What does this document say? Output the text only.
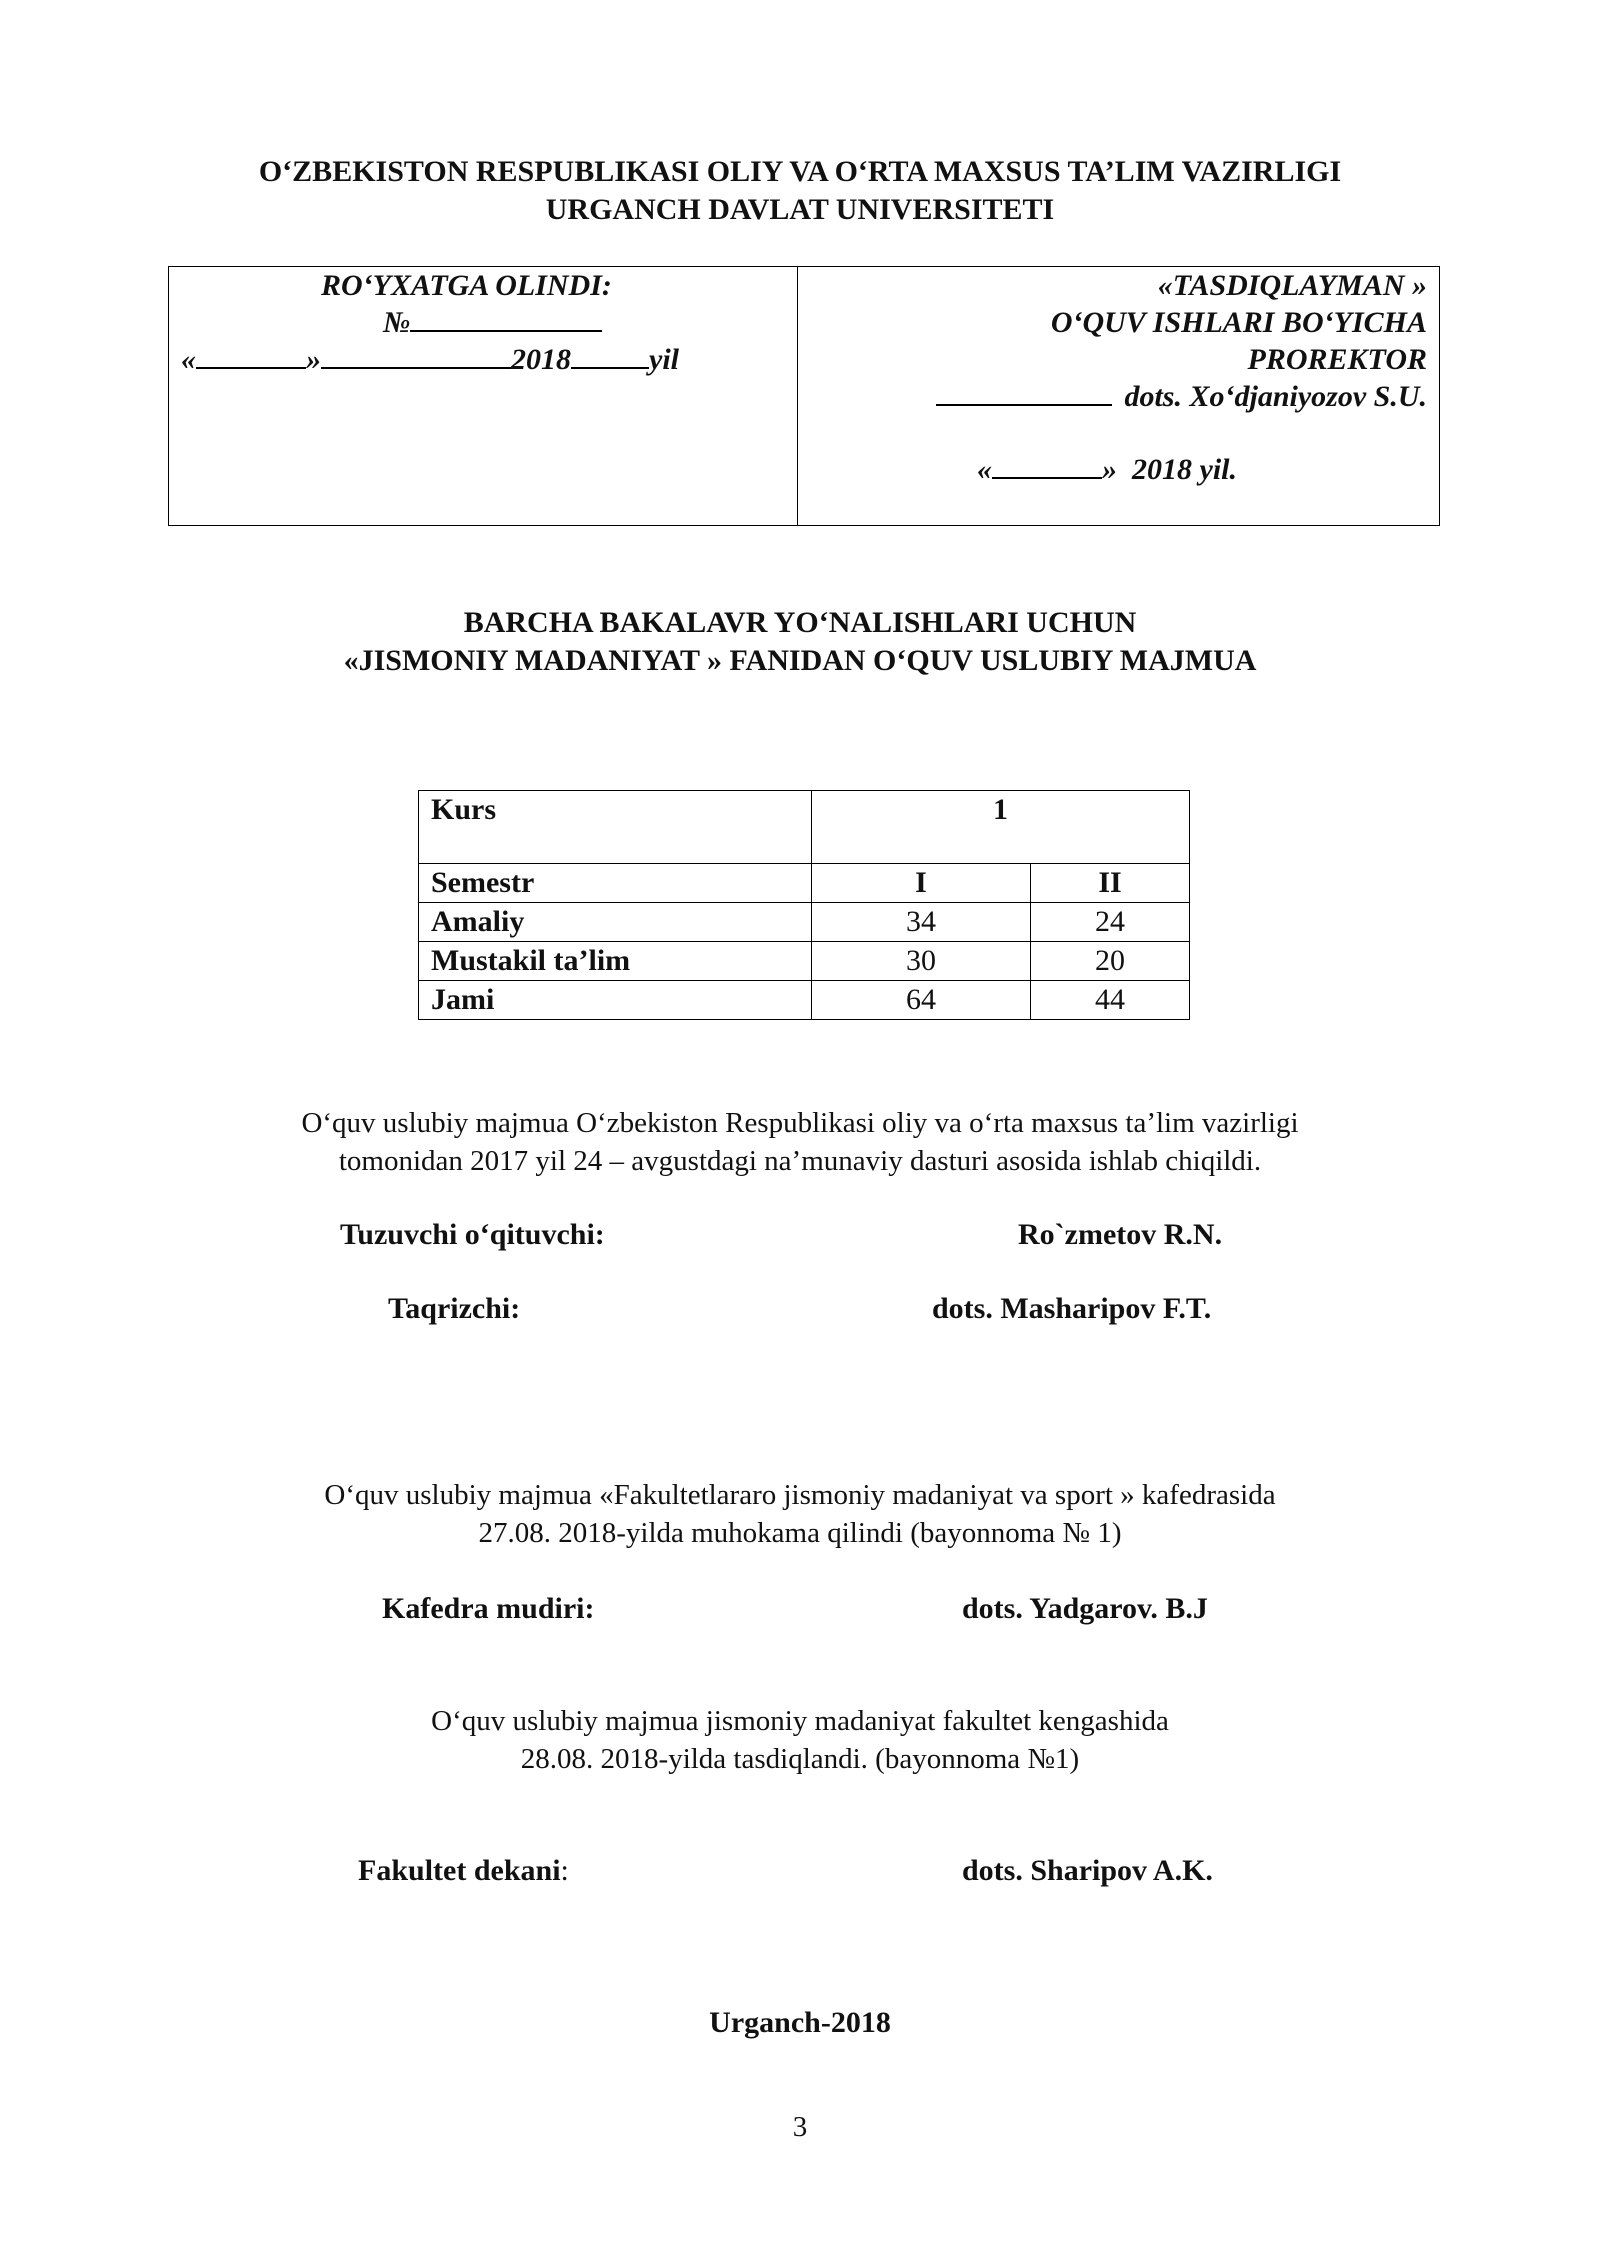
O‘ZBEKISTON RESPUBLIKASI OLIY VA O‘RTA MAXSUS TA’LIM VAZIRLIGI
URGANCH DAVLAT UNIVERSITETI
RO‘YXATGA OLINDI:
№
«	»	2018	yil
«TASDIQLAYMAN »
O‘QUV ISHLARI BO‘YICHA
PROREKTOR
dots. Xo‘djaniyozov S.U.
«	» 2018 yil.
BARCHA BAKALAVR YO‘NALISHLARI UCHUN
«JISMONIY MADANIYAT » FANIDAN O‘QUV USLUBIY MAJMUA
Kurs	1	
Semestr	I	II
Amaliy	34	24
Mustakil ta’lim	30	20
Jami	64	44
O‘quv uslubiy majmua O‘zbekiston Respublikasi oliy va o‘rta maxsus ta’lim vazirligi
tomonidan 2017 yil 24 – avgustdagi na’munaviy dasturi asosida ishlab chiqildi.
Tuzuvchi o‘qituvchi:	Ro`zmetov R.N.
Taqrizchi:	dots. Masharipov F.T.
O‘quv uslubiy majmua «Fakultetlararo jismoniy madaniyat va sport » kafedrasida
27.08. 2018-yilda muhokama qilindi (bayonnoma № 1)
Kafedra mudiri:	dots. Yadgarov. B.J
O‘quv uslubiy majmua jismoniy madaniyat fakultet kengashida
28.08. 2018-yilda tasdiqlandi. (bayonnoma №1)
Fakultet dekani:	dots. Sharipov A.K.
Urganch-2018
3
